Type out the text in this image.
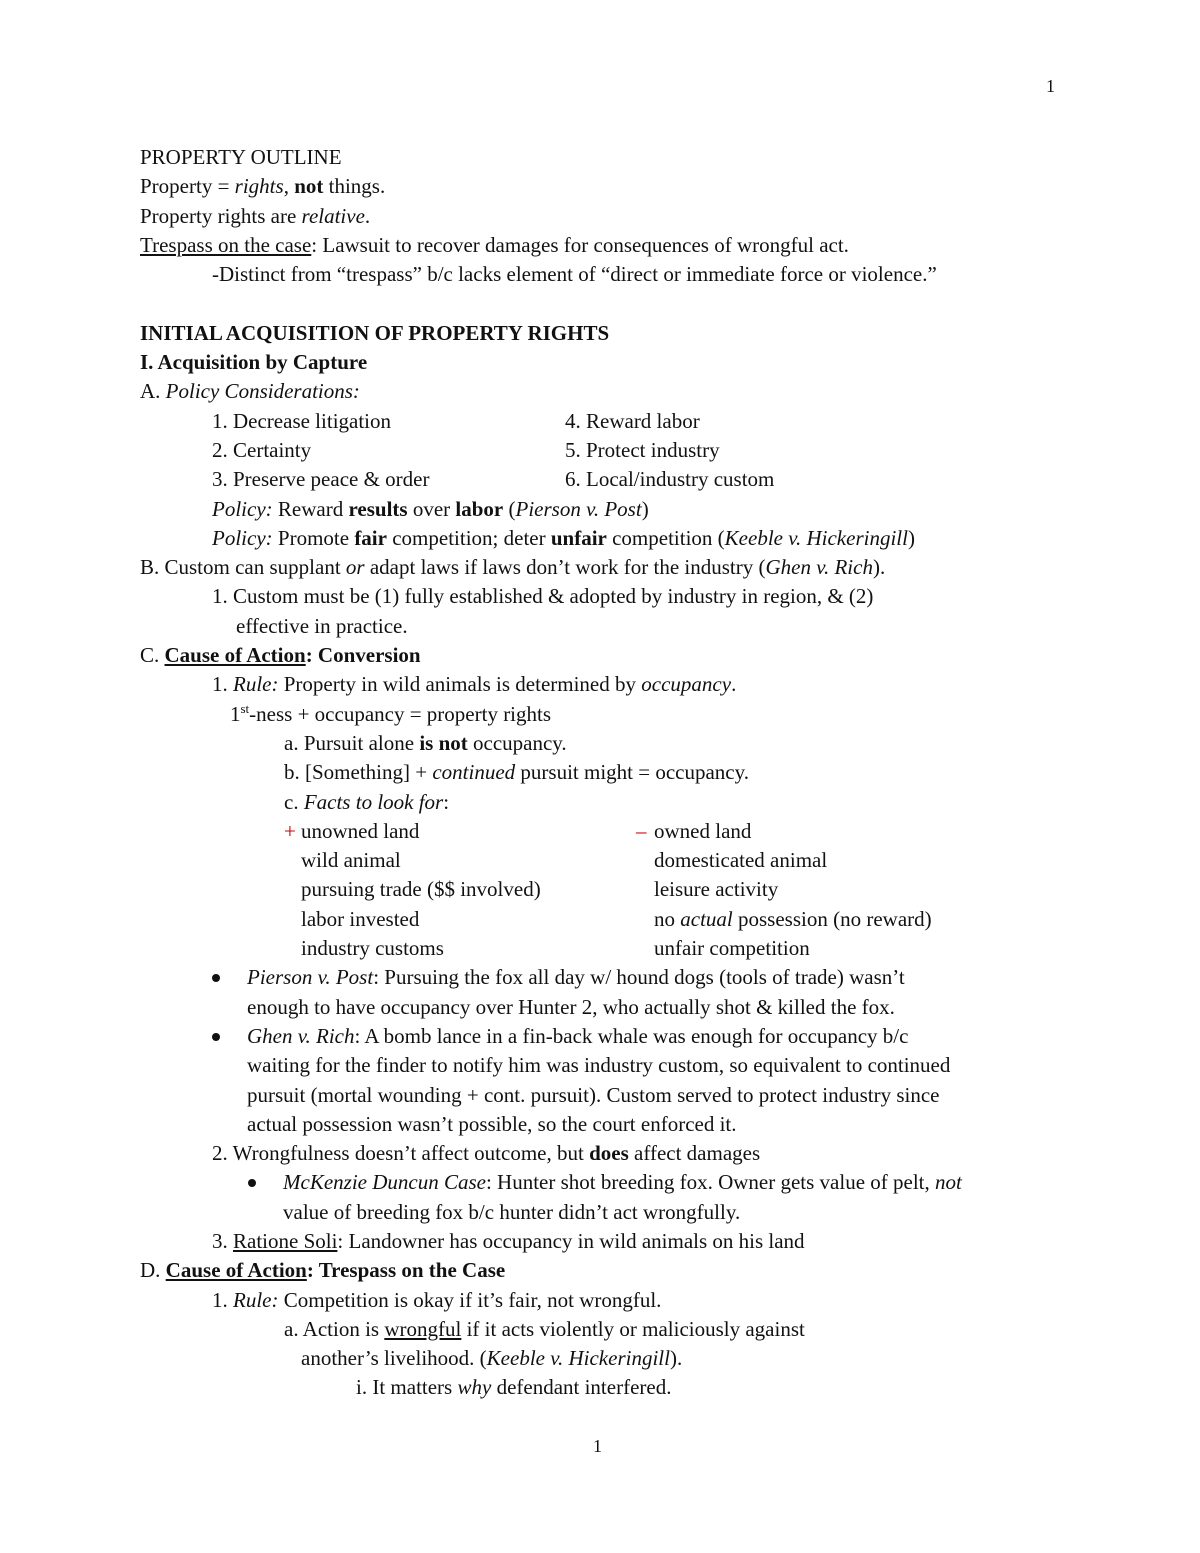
1
PROPERTY OUTLINE
Property = rights, not things.
Property rights are relative.
Trespass on the case: Lawsuit to recover damages for consequences of wrongful act.
-Distinct from “trespass” b/c lacks element of “direct or immediate force or violence.”
INITIAL ACQUISITION OF PROPERTY RIGHTS
I. Acquisition by Capture
A. Policy Considerations:
1. Decrease litigation	4. Reward labor
2. Certainty	5. Protect industry
3. Preserve peace & order	6. Local/industry custom
Policy: Reward results over labor (Pierson v. Post)
Policy: Promote fair competition; deter unfair competition (Keeble v. Hickeringill)
B. Custom can supplant or adapt laws if laws don’t work for the industry (Ghen v. Rich).
1. Custom must be (1) fully established & adopted by industry in region, & (2)
effective in practice.
C. Cause of Action: Conversion
1. Rule: Property in wild animals is determined by occupancy.
1st-ness + occupancy = property rights
a. Pursuit alone is not occupancy.
b. [Something] + continued pursuit might = occupancy.
c. Facts to look for:
+ unowned land	– owned land
wild animal	domesticated animal
pursuing trade ($$ involved)	leisure activity
labor invested	no actual possession (no reward)
industry customs	unfair competition
Pierson v. Post: Pursuing the fox all day w/ hound dogs (tools of trade) wasn’t
enough to have occupancy over Hunter 2, who actually shot & killed the fox.
Ghen v. Rich: A bomb lance in a fin-back whale was enough for occupancy b/c
waiting for the finder to notify him was industry custom, so equivalent to continued
pursuit (mortal wounding + cont. pursuit). Custom served to protect industry since
actual possession wasn’t possible, so the court enforced it.
2. Wrongfulness doesn’t affect outcome, but does affect damages
McKenzie Duncun Case: Hunter shot breeding fox. Owner gets value of pelt, not
value of breeding fox b/c hunter didn’t act wrongfully.
3. Ratione Soli: Landowner has occupancy in wild animals on his land
D. Cause of Action: Trespass on the Case
1. Rule: Competition is okay if it’s fair, not wrongful.
a. Action is wrongful if it acts violently or maliciously against
another’s livelihood. (Keeble v. Hickeringill).
i. It matters why defendant interfered.
1
